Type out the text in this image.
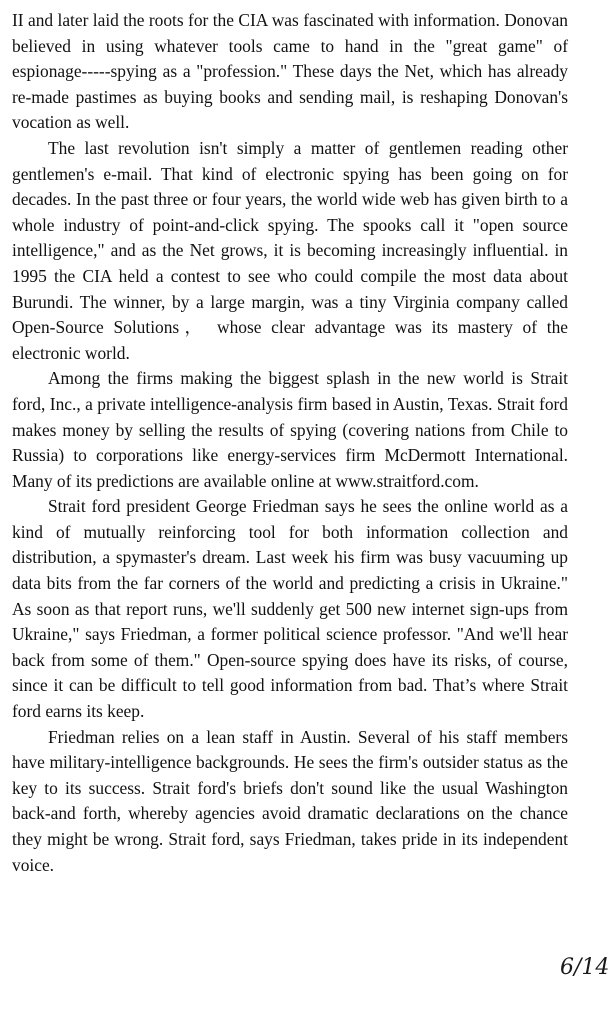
II and later laid the roots for the CIA was fascinated with information. Donovan believed in using whatever tools came to hand in the "great game" of espionage-----spying as a "profession." These days the Net, which has already re-made pastimes as buying books and sending mail, is reshaping Donovan's vocation as well.

The last revolution isn't simply a matter of gentlemen reading other gentlemen's e-mail. That kind of electronic spying has been going on for decades. In the past three or four years, the world wide web has given birth to a whole industry of point-and-click spying. The spooks call it "open source intelligence," and as the Net grows, it is becoming increasingly influential. in 1995 the CIA held a contest to see who could compile the most data about Burundi. The winner, by a large margin, was a tiny Virginia company called Open-Source Solutions， whose clear advantage was its mastery of the electronic world.

Among the firms making the biggest splash in the new world is Strait ford, Inc., a private intelligence-analysis firm based in Austin, Texas. Strait ford makes money by selling the results of spying (covering nations from Chile to Russia) to corporations like energy-services firm McDermott International. Many of its predictions are available online at www.straitford.com.

Strait ford president George Friedman says he sees the online world as a kind of mutually reinforcing tool for both information collection and distribution, a spymaster's dream. Last week his firm was busy vacuuming up data bits from the far corners of the world and predicting a crisis in Ukraine." As soon as that report runs, we'll suddenly get 500 new internet sign-ups from Ukraine," says Friedman, a former political science professor. "And we'll hear back from some of them." Open-source spying does have its risks, of course, since it can be difficult to tell good information from bad. That’s where Strait ford earns its keep.

Friedman relies on a lean staff in Austin. Several of his staff members have military-intelligence backgrounds. He sees the firm's outsider status as the key to its success. Strait ford's briefs don't sound like the usual Washington back-and forth, whereby agencies avoid dramatic declarations on the chance they might be wrong. Strait ford, says Friedman, takes pride in its independent voice.

6/14
